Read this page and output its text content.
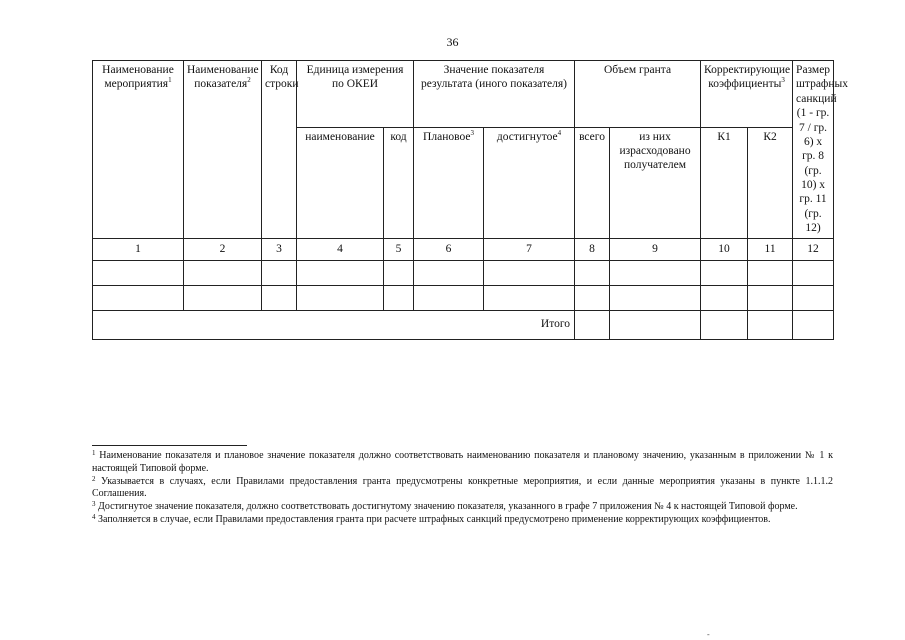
36
Наименование мероприятия$^1$	Наименование показателя$^2$	Код строки	Единица измерения по ОКЕИ		Значение показателя результата (иного показателя)		Объем гранта		Корректирующие коэффициенты$^3$		Размер штрафных санкций (1 - гр. 7 / гр. 6) х гр. 8 (гр. 10) х гр. 11 (гр. 12)
			наименование	код	Плановое$^3$	достигнутое$^4$	всего	из них израсходовано получателем	К1	К2	
1	2	3	4	5	6	7	8	9	10	11	12

Итого											

$^1$ Наименование показателя и плановое значение показателя должно соответствовать наименованию показателя и плановому значению, указанным в приложении № 1 к настоящей Типовой форме.

$^2$ Указывается в случаях, если Правилами предоставления гранта предусмотрены конкретные мероприятия, и если данные мероприятия указаны в пункте 1.1.1.2 Соглашения.

$^3$ Достигнутое значение показателя, должно соответствовать достигнутому значению показателя, указанного в графе 7 приложения № 4 к настоящей Типовой форме.

$^4$ Заполняется в случае, если Правилами предоставления гранта при расчете штрафных санкций предусмотрено применение корректирующих коэффициентов.

-
